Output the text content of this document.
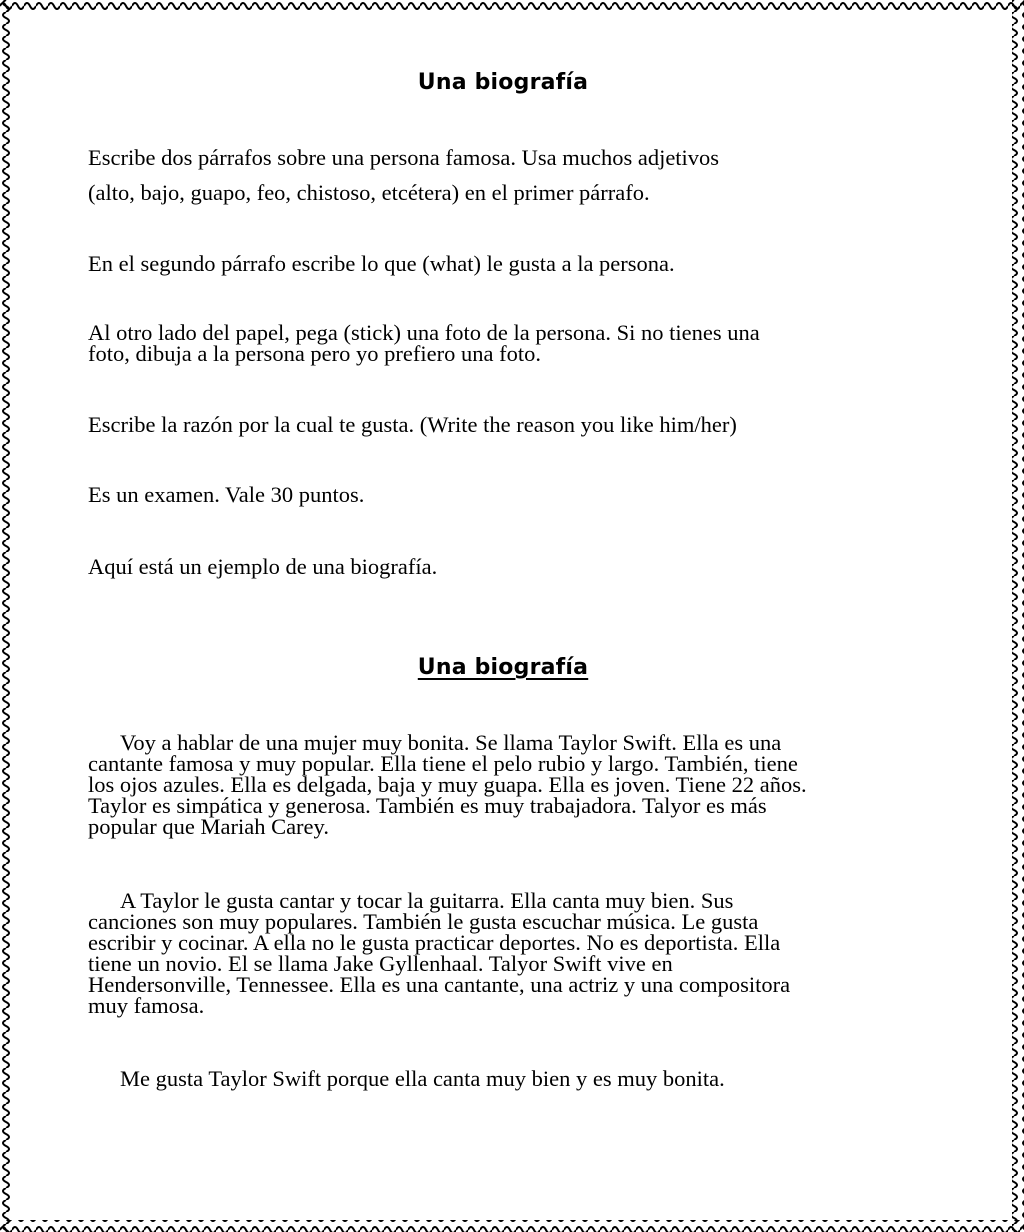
Una biografía
Escribe dos párrafos sobre una persona famosa. Usa muchos adjetivos
(alto, bajo, guapo, feo, chistoso, etcétera) en el primer párrafo.
En el segundo párrafo escribe lo que (what) le gusta a la persona.
Al otro lado del papel, pega (stick) una foto de la persona. Si no tienes una
foto, dibuja a la persona pero yo prefiero una foto.
Escribe la razón por la cual te gusta. (Write the reason you like him/her)
Es un examen. Vale 30 puntos.
Aquí está un ejemplo de una biografía.
Una biografía
Voy a hablar de una mujer muy bonita. Se llama Taylor Swift. Ella es una
cantante famosa y muy popular. Ella tiene el pelo rubio y largo. También, tiene
los ojos azules. Ella es delgada, baja y muy guapa. Ella es joven. Tiene 22 años.
Taylor es simpática y generosa. También es muy trabajadora. Talyor es más
popular que Mariah Carey.
A Taylor le gusta cantar y tocar la guitarra. Ella canta muy bien. Sus
canciones son muy populares. También le gusta escuchar música. Le gusta
escribir y cocinar. A ella no le gusta practicar deportes. No es deportista. Ella
tiene un novio. El se llama Jake Gyllenhaal. Talyor Swift vive en
Hendersonville, Tennessee. Ella es una cantante, una actriz y una compositora
muy famosa.
Me gusta Taylor Swift porque ella canta muy bien y es muy bonita.
